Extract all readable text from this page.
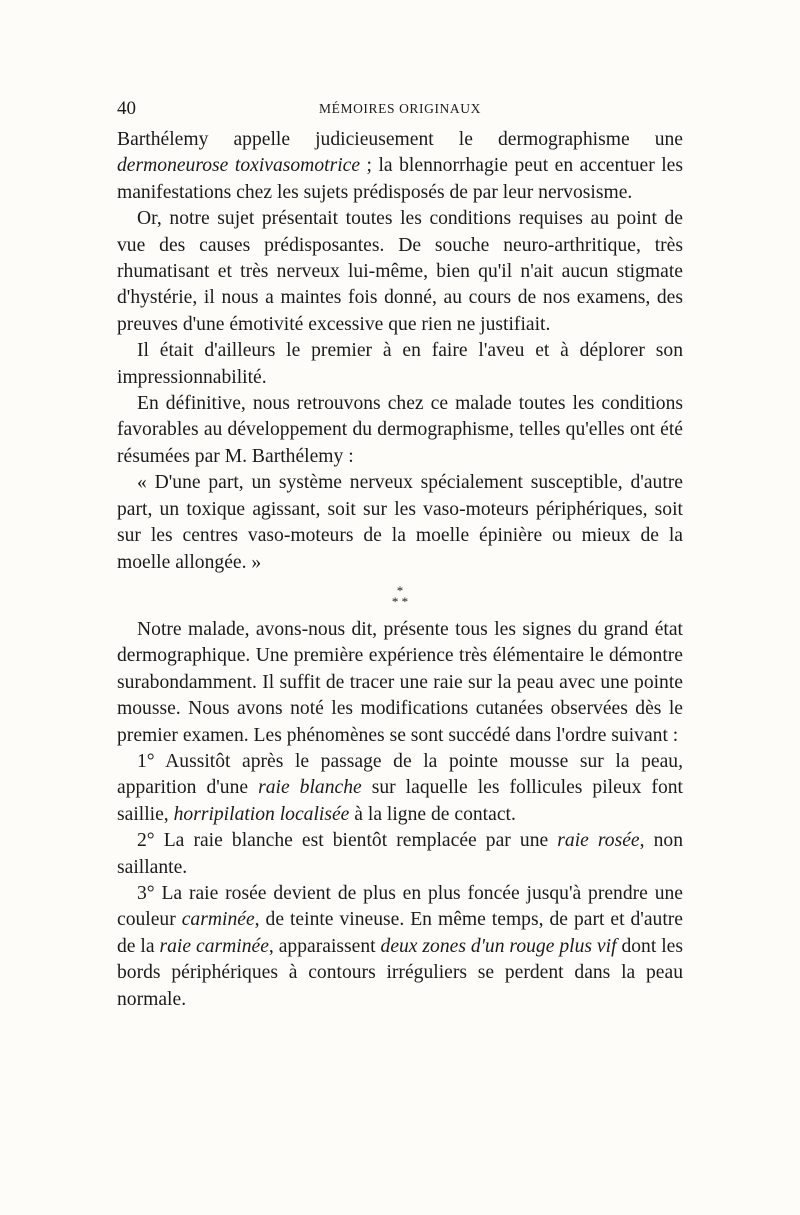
40	MÉMOIRES ORIGINAUX

Barthélemy appelle judicieusement le dermographisme une dermoneurose toxivasomotrice ; la blennorrhagie peut en accentuer les manifestations chez les sujets prédisposés de par leur nervosisme.

Or, notre sujet présentait toutes les conditions requises au point de vue des causes prédisposantes. De souche neuro-arthritique, très rhumatisant et très nerveux lui-même, bien qu'il n'ait aucun stigmate d'hystérie, il nous a maintes fois donné, au cours de nos examens, des preuves d'une émotivité excessive que rien ne justifiait.

Il était d'ailleurs le premier à en faire l'aveu et à déplorer son impressionnabilité.

En définitive, nous retrouvons chez ce malade toutes les conditions favorables au développement du dermographisme, telles qu'elles ont été résumées par M. Barthélemy :

« D'une part, un système nerveux spécialement susceptible, d'autre part, un toxique agissant, soit sur les vaso-moteurs périphériques, soit sur les centres vaso-moteurs de la moelle épinière ou mieux de la moelle allongée. »

*
* *

Notre malade, avons-nous dit, présente tous les signes du grand état dermographique. Une première expérience très élémentaire le démontre surabondamment. Il suffit de tracer une raie sur la peau avec une pointe mousse. Nous avons noté les modifications cutanées observées dès le premier examen. Les phénomènes se sont succédé dans l'ordre suivant :

1° Aussitôt après le passage de la pointe mousse sur la peau, apparition d'une raie blanche sur laquelle les follicules pileux font saillie, horripilation localisée à la ligne de contact.

2° La raie blanche est bientôt remplacée par une raie rosée, non saillante.

3° La raie rosée devient de plus en plus foncée jusqu'à prendre une couleur carminée, de teinte vineuse. En même temps, de part et d'autre de la raie carminée, apparaissent deux zones d'un rouge plus vif dont les bords périphériques à contours irréguliers se perdent dans la peau normale.
